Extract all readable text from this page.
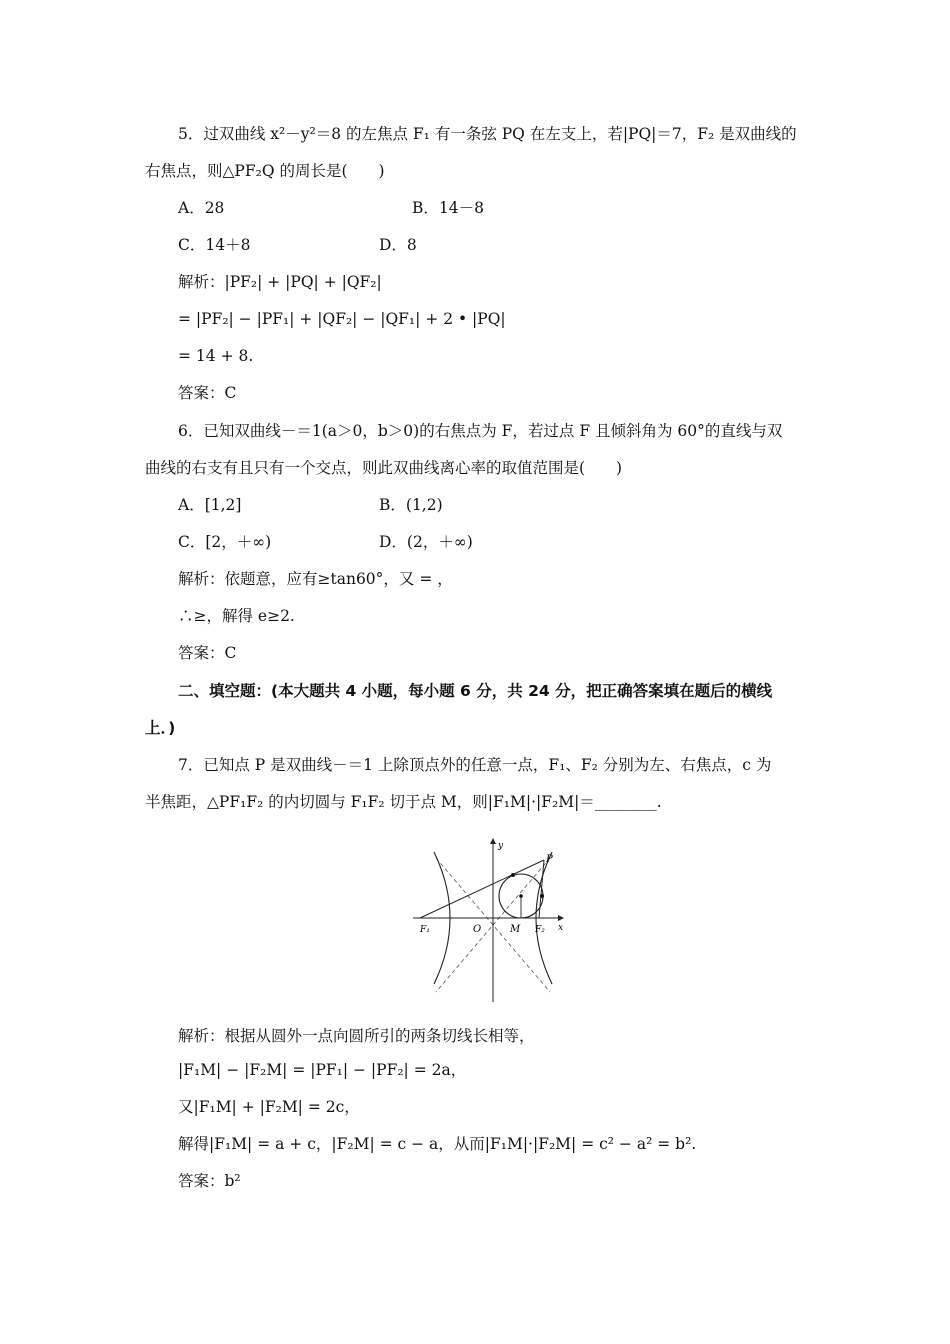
5．过双曲线 x²－y²＝8 的左焦点 F₁ 有一条弦 PQ 在左支上，若|PQ|＝7，F₂ 是双曲线的
右焦点，则△PF₂Q 的周长是(　　)
A．28	B．14－8
C．14＋8	D．8
解析：|PF₂| + |PQ| + |QF₂|
= |PF₂| − |PF₁| + |QF₂| − |QF₁| + 2 • |PQ|
= 14 + 8.
答案：C
6．已知双曲线－＝1(a＞0，b＞0)的右焦点为 F，若过点 F 且倾斜角为 60°的直线与双
曲线的右支有且只有一个交点，则此双曲线离心率的取值范围是(　　)
A．[1,2]	B．(1,2)
C．[2，＋∞)	D．(2，＋∞)
解析：依题意，应有≥tan60°，又 = ，
∴≥，解得 e≥2.
答案：C
二、填空题：(本大题共 4 小题，每小题 6 分，共 24 分，把正确答案填在题后的横线
上．)
7．已知点 P 是双曲线－＝1 上除顶点外的任意一点，F₁、F₂ 分别为左、右焦点，c 为
半焦距，△PF₁F₂ 的内切圆与 F₁F₂ 切于点 M，则|F₁M|·|F₂M|＝________.
y
x
P
F₁	O	M F₂
解析：根据从圆外一点向圆所引的两条切线长相等，
|F₁M| − |F₂M| = |PF₁| − |PF₂| = 2a，
又|F₁M| + |F₂M| = 2c，
解得|F₁M| = a + c，|F₂M| = c − a，从而|F₁M|·|F₂M| = c² − a² = b².
答案：b²
